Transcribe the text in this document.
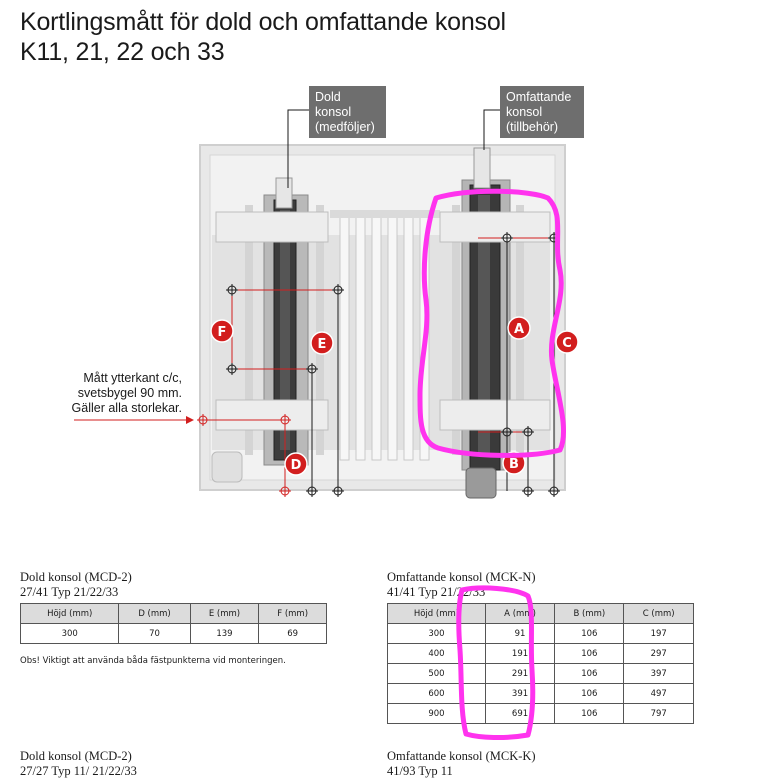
Kortlingsmått för dold och omfattande konsol
K11, 21, 22 och 33
F
E
D
A
C
B
Dold
konsol
(medföljer)
Omfattande
konsol
(tillbehör)
Mått ytterkant c/c,
svetsbygel 90 mm.
Gäller alla storlekar.
Dold konsol (MCD-2)
27/41 Typ 21/22/33
Höjd (mm)	D (mm)	E (mm)	F (mm)
300	70	139	69
Obs! Viktigt att använda båda fästpunkterna vid monteringen.
Omfattande konsol (MCK-N)
41/41 Typ 21/22/33
Höjd (mm)	A (mm)	B (mm)	C (mm)
300	91	106	197
400	191	106	297
500	291	106	397
600	391	106	497
900	691	106	797
Dold konsol (MCD-2)
27/27 Typ 11/ 21/22/33
Omfattande konsol (MCK-K)
41/93 Typ 11
